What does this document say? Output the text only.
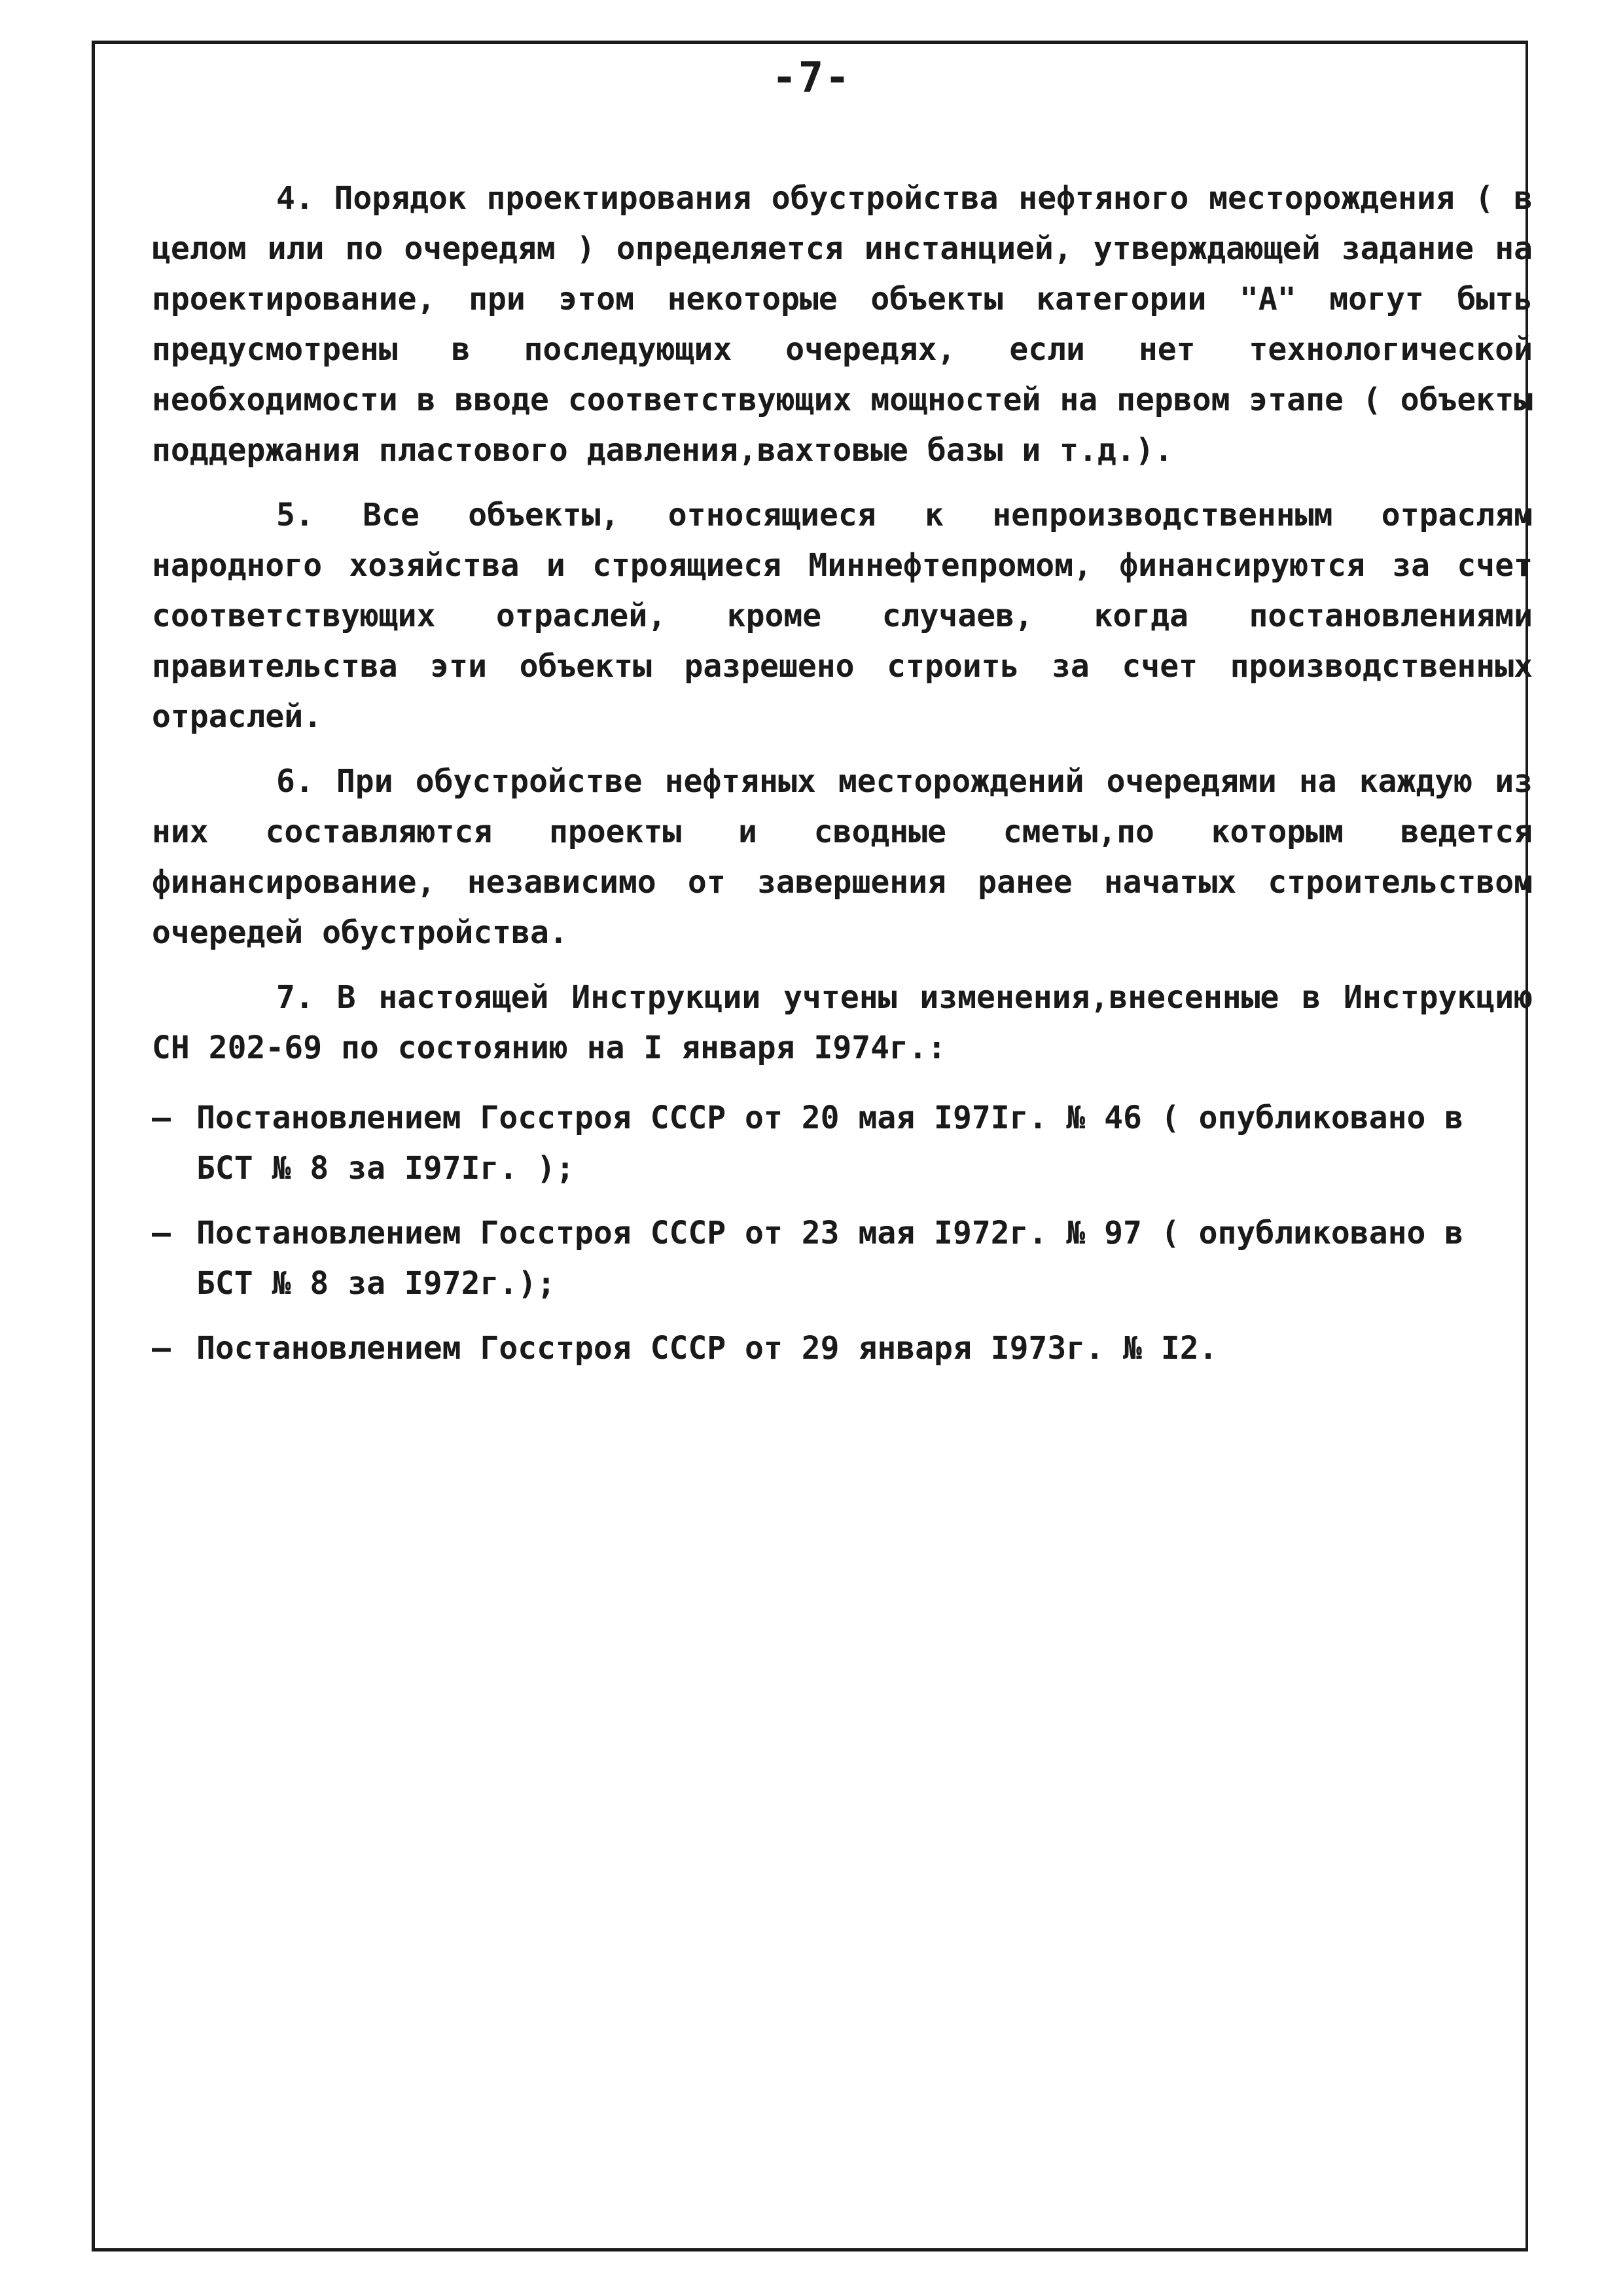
-7-

4. Порядок проектирования обустройства нефтяного месторождения ( в целом или по очередям ) определяется инстанцией, утверждающей задание на проектирование, при этом некоторые объекты категории "А" могут быть предусмотрены в последующих очередях, если нет технологической необходимости в вводе соответствующих мощностей на первом этапе ( объекты поддержания пластового давления,вахтовые базы и т.д.).

5. Все объекты, относящиеся к непроизводственным отраслям народного хозяйства и строящиеся Миннефтепромом, финансируются за счет соответствующих отраслей, кроме случаев, когда постановлениями правительства эти объекты разрешено строить за счет производственных отраслей.

6. При обустройстве нефтяных месторождений очередями на каждую из них составляются проекты и сводные сметы,по которым ведется финансирование, независимо от завершения ранее начатых строительством очередей обустройства.

7. В настоящей Инструкции учтены изменения,внесенные в Инструкцию СН 202-69 по состоянию на I января I974г.:

– Постановлением Госстроя СССР от 20 мая I97Iг. № 46 ( опубликовано в БСТ № 8 за I97Iг. );
– Постановлением Госстроя СССР от 23 мая I972г. № 97 ( опубликовано в БСТ № 8 за I972г.);
– Постановлением Госстроя СССР от 29 января I973г. № I2.
